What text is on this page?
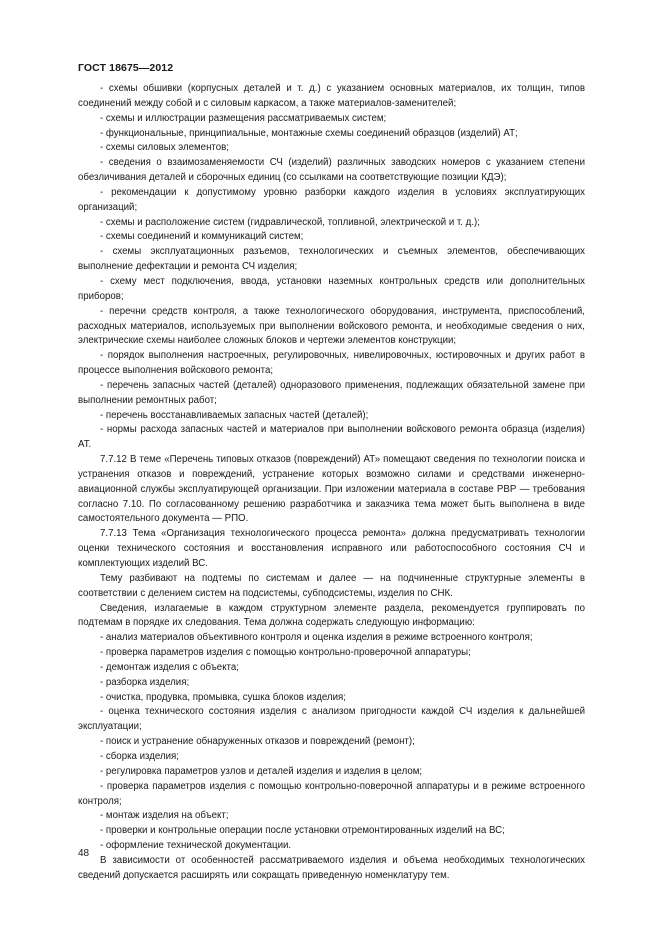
ГОСТ 18675—2012

- схемы обшивки (корпусных деталей и т. д.) с указанием основных материалов, их толщин, типов соединений между собой и с силовым каркасом, а также материалов-заменителей;

- схемы и иллюстрации размещения рассматриваемых систем;

- функциональные, принципиальные, монтажные схемы соединений образцов (изделий) АТ;

- схемы силовых элементов;

- сведения о взаимозаменяемости СЧ (изделий) различных заводских номеров с указанием степени обезличивания деталей и сборочных единиц (со ссылками на соответствующие позиции КДЭ);

- рекомендации к допустимому уровню разборки каждого изделия в условиях эксплуатирующих организаций;

- схемы и расположение систем (гидравлической, топливной, электрической и т. д.);

- схемы соединений и коммуникаций систем;

- схемы эксплуатационных разъемов, технологических и съемных элементов, обеспечивающих выполнение дефектации и ремонта СЧ изделия;

- схему мест подключения, ввода, установки наземных контрольных средств или дополнительных приборов;

- перечни средств контроля, а также технологического оборудования, инструмента, приспособлений, расходных материалов, используемых при выполнении войскового ремонта, и необходимые сведения о них, электрические схемы наиболее сложных блоков и чертежи элементов конструкции;

- порядок выполнения настроечных, регулировочных, нивелировочных, юстировочных и других работ в процессе выполнения войскового ремонта;

- перечень запасных частей (деталей) одноразового применения, подлежащих обязательной замене при выполнении ремонтных работ;

- перечень восстанавливаемых запасных частей (деталей);

- нормы расхода запасных частей и материалов при выполнении войскового ремонта образца (изделия) АТ.

7.7.12 В теме «Перечень типовых отказов (повреждений) АТ» помещают сведения по технологии поиска и устранения отказов и повреждений, устранение которых возможно силами и средствами инженерно-авиационной службы эксплуатирующей организации. При изложении материала в составе РВР — требования согласно 7.10. По согласованному решению разработчика и заказчика тема может быть выполнена в виде самостоятельного документа — РПО.

7.7.13 Тема «Организация технологического процесса ремонта» должна предусматривать технологии оценки технического состояния и восстановления исправного или работоспособного состояния СЧ и комплектующих изделий ВС.

Тему разбивают на подтемы по системам и далее — на подчиненные структурные элементы в соответствии с делением систем на подсистемы, субподсистемы, изделия по СНК.

Сведения, излагаемые в каждом структурном элементе раздела, рекомендуется группировать по подтемам в порядке их следования. Тема должна содержать следующую информацию:

- анализ материалов объективного контроля и оценка изделия в режиме встроенного контроля;

- проверка параметров изделия с помощью контрольно-проверочной аппаратуры;

- демонтаж изделия с объекта;

- разборка изделия;

- очистка, продувка, промывка, сушка блоков изделия;

- оценка технического состояния изделия с анализом пригодности каждой СЧ изделия к дальнейшей эксплуатации;

- поиск и устранение обнаруженных отказов и повреждений (ремонт);

- сборка изделия;

- регулировка параметров узлов и деталей изделия и изделия в целом;

- проверка параметров изделия с помощью контрольно-поверочной аппаратуры и в режиме встроенного контроля;

- монтаж изделия на объект;

- проверки и контрольные операции после установки отремонтированных изделий на ВС;

- оформление технической документации.

В зависимости от особенностей рассматриваемого изделия и объема необходимых технологических сведений допускается расширять или сокращать приведенную номенклатуру тем.

48
